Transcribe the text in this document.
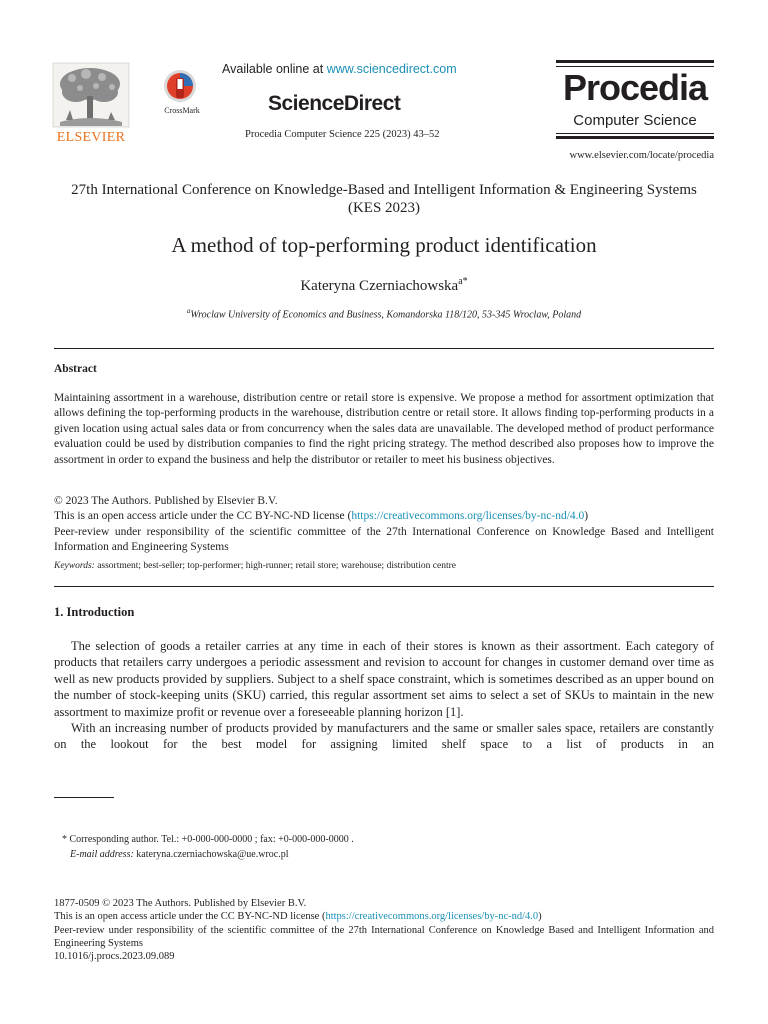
ELSEVIER
CrossMark
Available online at www.sciencedirect.com
ScienceDirect
Procedia Computer Science 225 (2023) 43–52
Procedia
Computer Science
www.elsevier.com/locate/procedia
27th International Conference on Knowledge-Based and Intelligent Information & Engineering Systems (KES 2023)
A method of top-performing product identification
Kateryna Czerniachowska$^{a*}$
$^a$Wroclaw University of Economics and Business, Komandorska 118/120, 53-345 Wroclaw, Poland
Abstract

Maintaining assortment in a warehouse, distribution centre or retail store is expensive. We propose a method for assortment optimization that allows defining the top-performing products in the warehouse, distribution centre or retail store. It allows finding top-performing products in a given location using actual sales data or from concurrency when the sales data are unavailable. The developed method of product performance evaluation could be used by distribution companies to find the right pricing strategy. The method described also proposes how to improve the assortment in order to expand the business and help the distributor or retailer to meet his business objectives.

© 2023 The Authors. Published by Elsevier B.V.
This is an open access article under the CC BY-NC-ND license (https://creativecommons.org/licenses/by-nc-nd/4.0)
Peer-review under responsibility of the scientific committee of the 27th International Conference on Knowledge Based and Intelligent Information and Engineering Systems
Keywords: assortment; best-seller; top-performer; high-runner; retail store; warehouse; distribution centre
1. Introduction

The selection of goods a retailer carries at any time in each of their stores is known as their assortment. Each category of products that retailers carry undergoes a periodic assessment and revision to account for changes in customer demand over time as well as new products provided by suppliers. Subject to a shelf space constraint, which is sometimes described as an upper bound on the number of stock-keeping units (SKU) carried, this regular assortment set aims to select a set of SKUs to maintain in the new assortment to maximize profit or revenue over a foreseeable planning horizon [1].

With an increasing number of products provided by manufacturers and the same or smaller sales space, retailers are constantly on the lookout for the best model for assigning limited shelf space to a list of products in an

* Corresponding author. Tel.: +0-000-000-0000 ; fax: +0-000-000-0000 .
E-mail address: kateryna.czerniachowska@ue.wroc.pl
1877-0509 © 2023 The Authors. Published by Elsevier B.V.
This is an open access article under the CC BY-NC-ND license (https://creativecommons.org/licenses/by-nc-nd/4.0)
Peer-review under responsibility of the scientific committee of the 27th International Conference on Knowledge Based and Intelligent Information and Engineering Systems
10.1016/j.procs.2023.09.089
